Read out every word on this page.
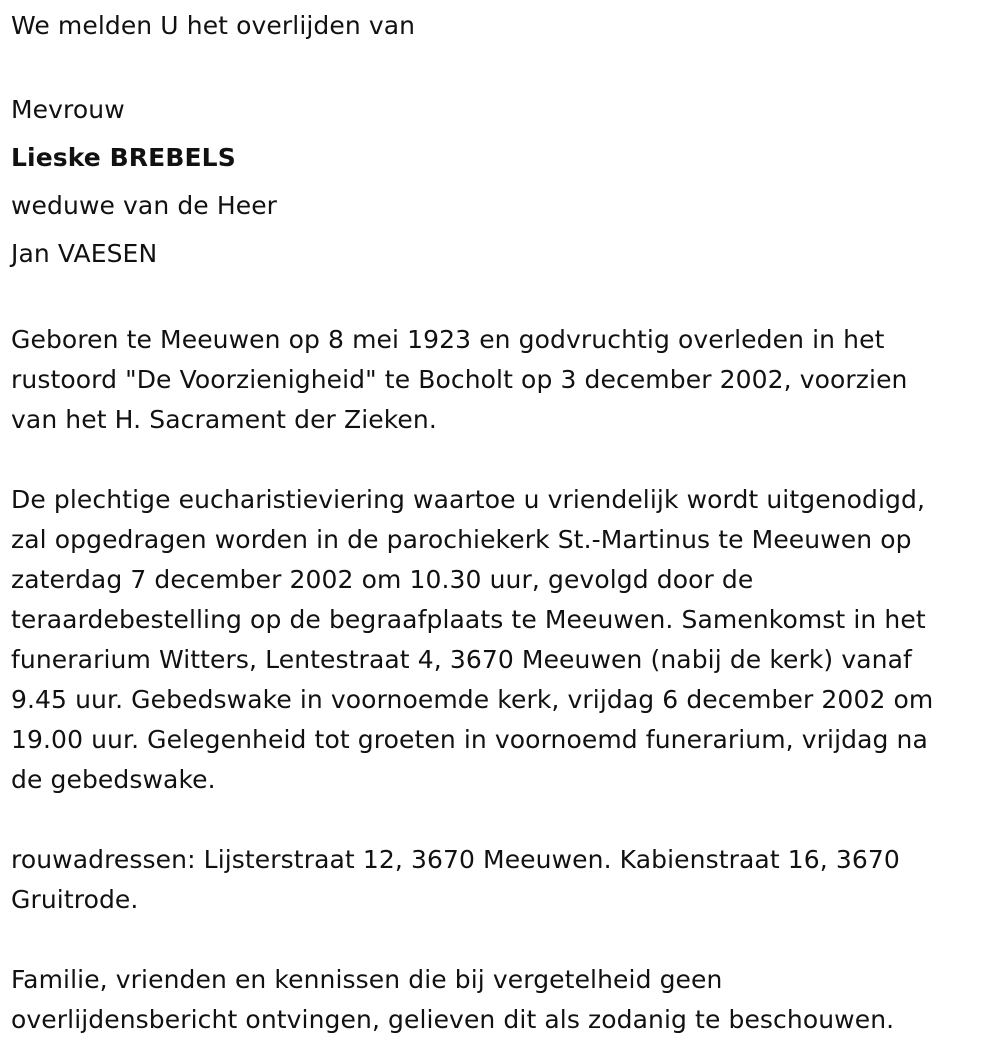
We melden U het overlijden van
Mevrouw
Lieske BREBELS
weduwe van de Heer
Jan VAESEN
Geboren te Meeuwen op 8 mei 1923 en godvruchtig overleden in het
rustoord "De Voorzienigheid" te Bocholt op 3 december 2002, voorzien
van het H. Sacrament der Zieken.
De plechtige eucharistieviering waartoe u vriendelijk wordt uitgenodigd,
zal opgedragen worden in de parochiekerk St.-Martinus te Meeuwen op
zaterdag 7 december 2002 om 10.30 uur, gevolgd door de
teraardebestelling op de begraafplaats te Meeuwen. Samenkomst in het
funerarium Witters, Lentestraat 4, 3670 Meeuwen (nabij de kerk) vanaf
9.45 uur. Gebedswake in voornoemde kerk, vrijdag 6 december 2002 om
19.00 uur. Gelegenheid tot groeten in voornoemd funerarium, vrijdag na
de gebedswake.
rouwadressen: Lijsterstraat 12, 3670 Meeuwen. Kabienstraat 16, 3670
Gruitrode.
Familie, vrienden en kennissen die bij vergetelheid geen
overlijdensbericht ontvingen, gelieven dit als zodanig te beschouwen.
